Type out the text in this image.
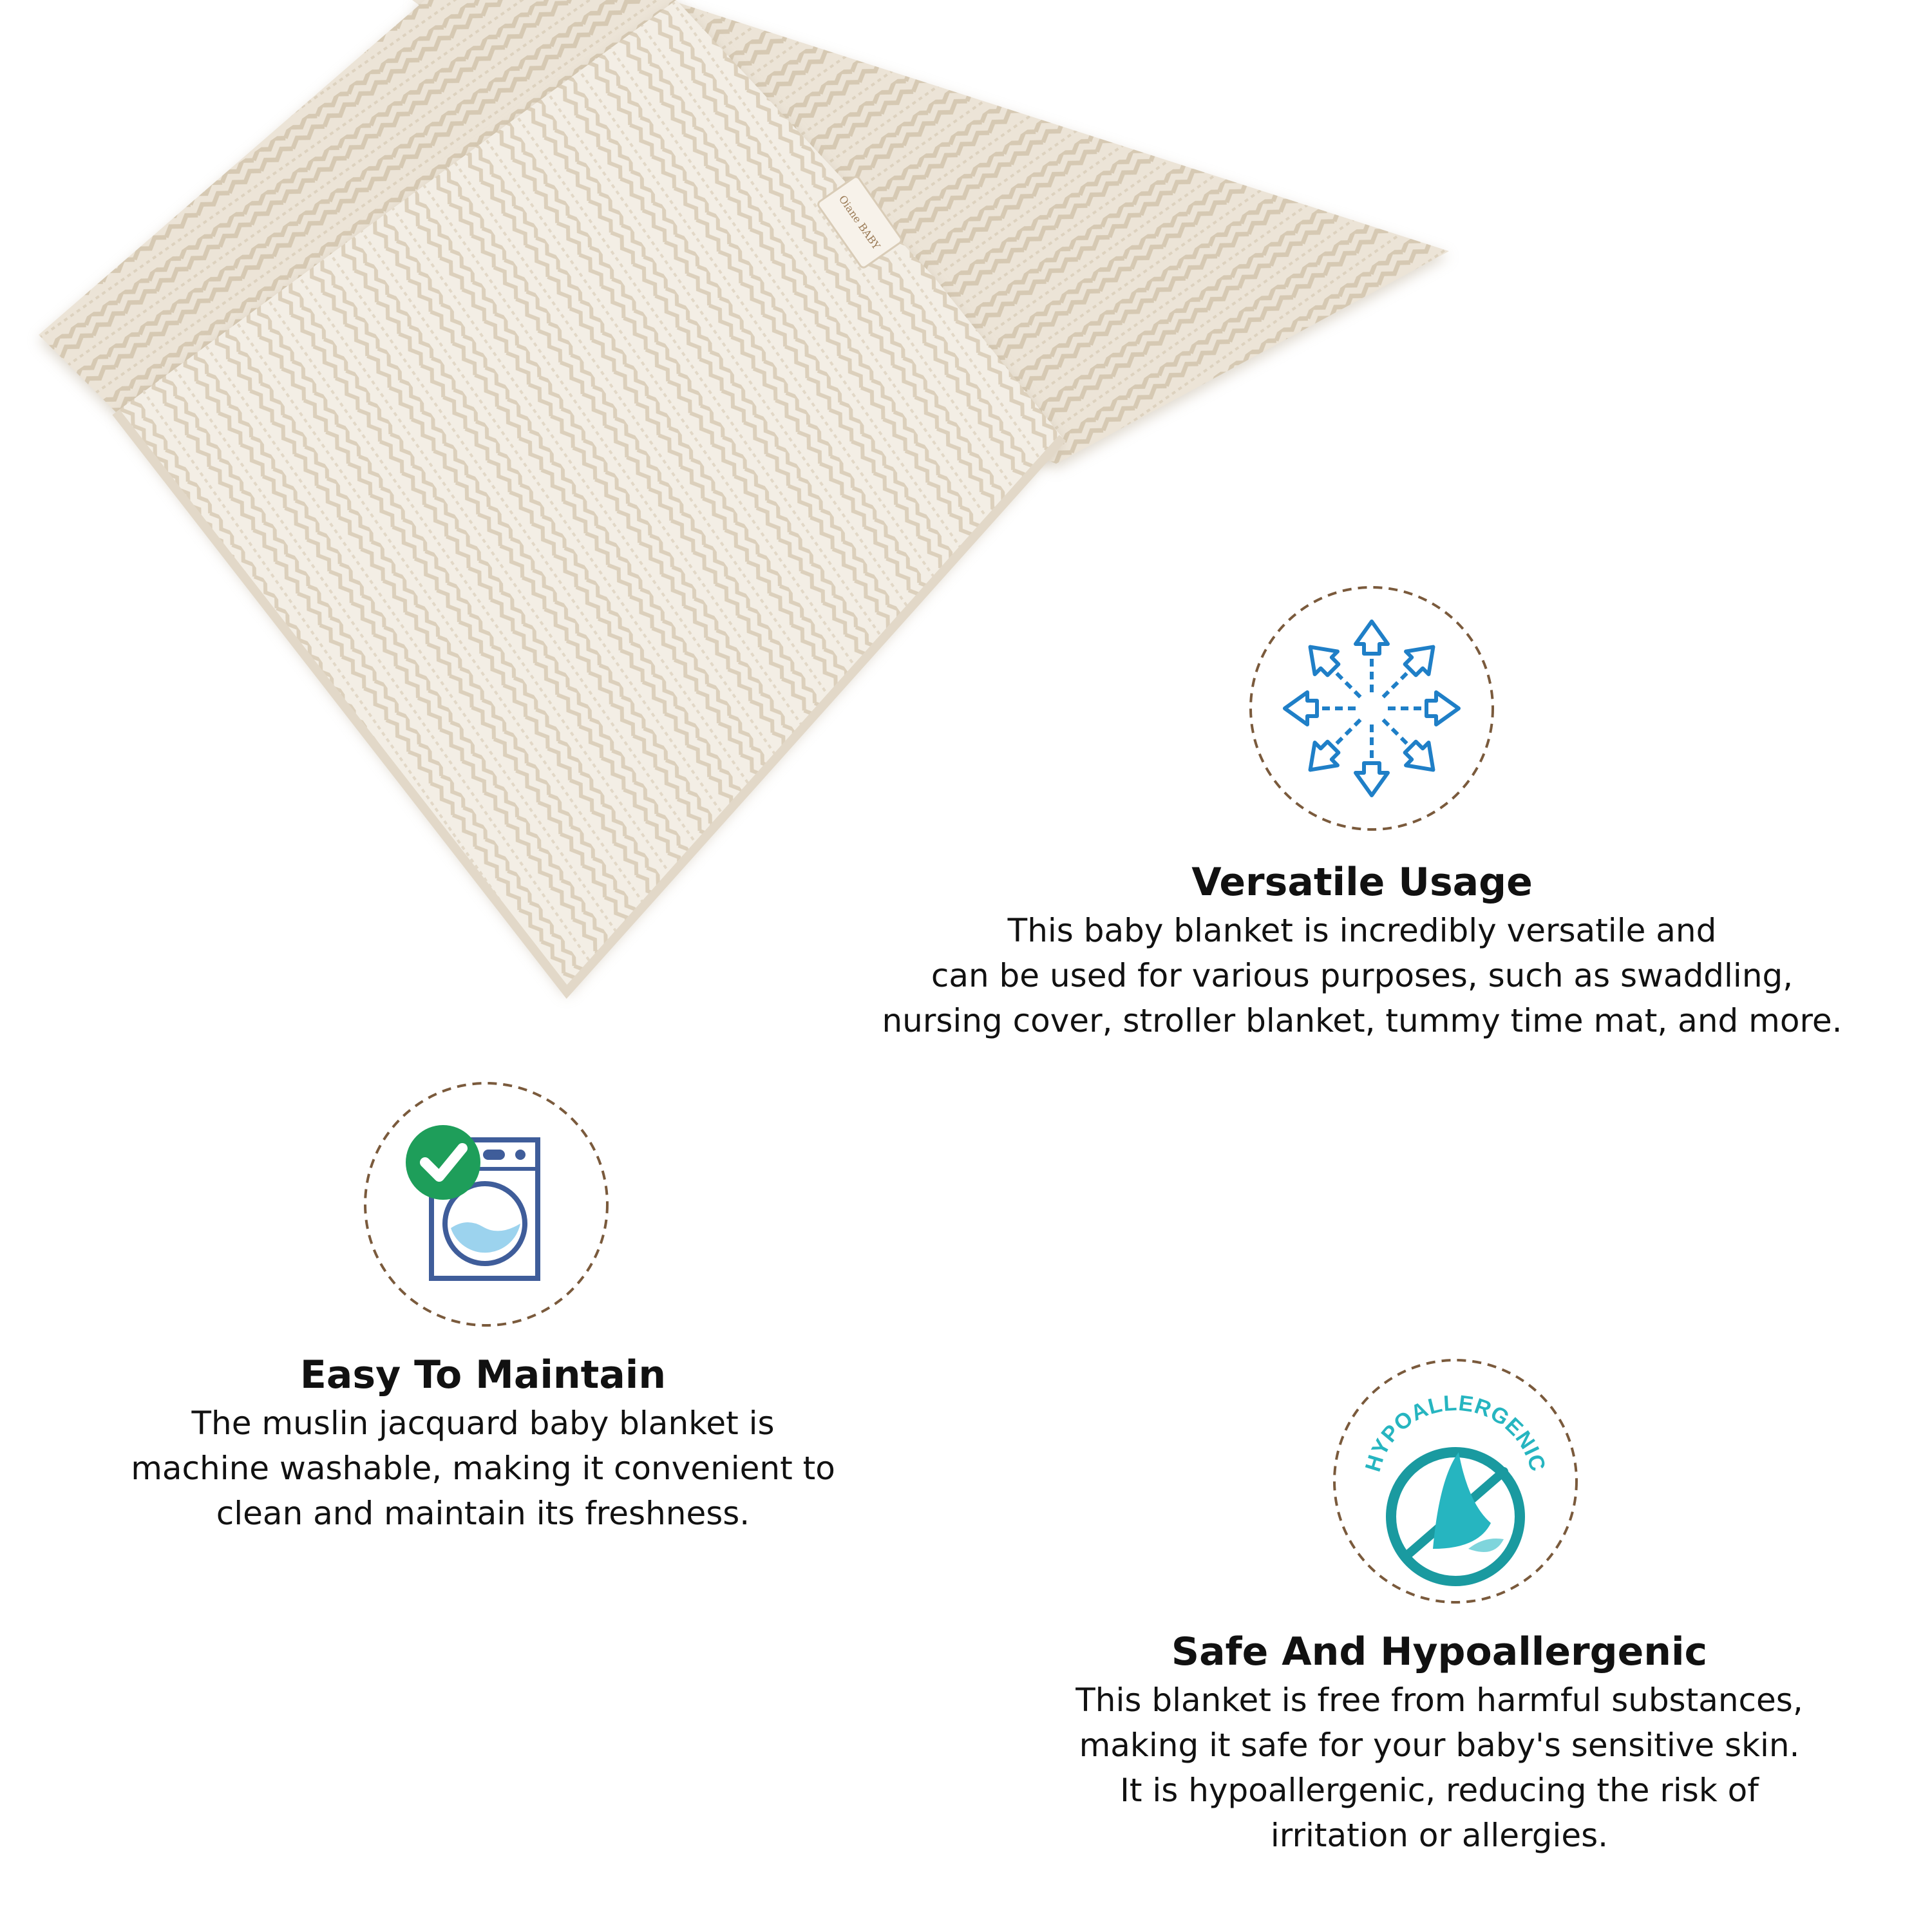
Oiane BABY
Versatile Usage

This baby blanket is incredibly versatile and
can be used for various purposes, such as swaddling,
nursing cover, stroller blanket, tummy time mat, and more.

Easy To Maintain

The muslin jacquard baby blanket is
machine washable, making it convenient to
clean and maintain its freshness.

HYPOALLERGENIC
Safe And Hypoallergenic

This blanket is free from harmful substances,
making it safe for your baby's sensitive skin.
It is hypoallergenic, reducing the risk of
irritation or allergies.
